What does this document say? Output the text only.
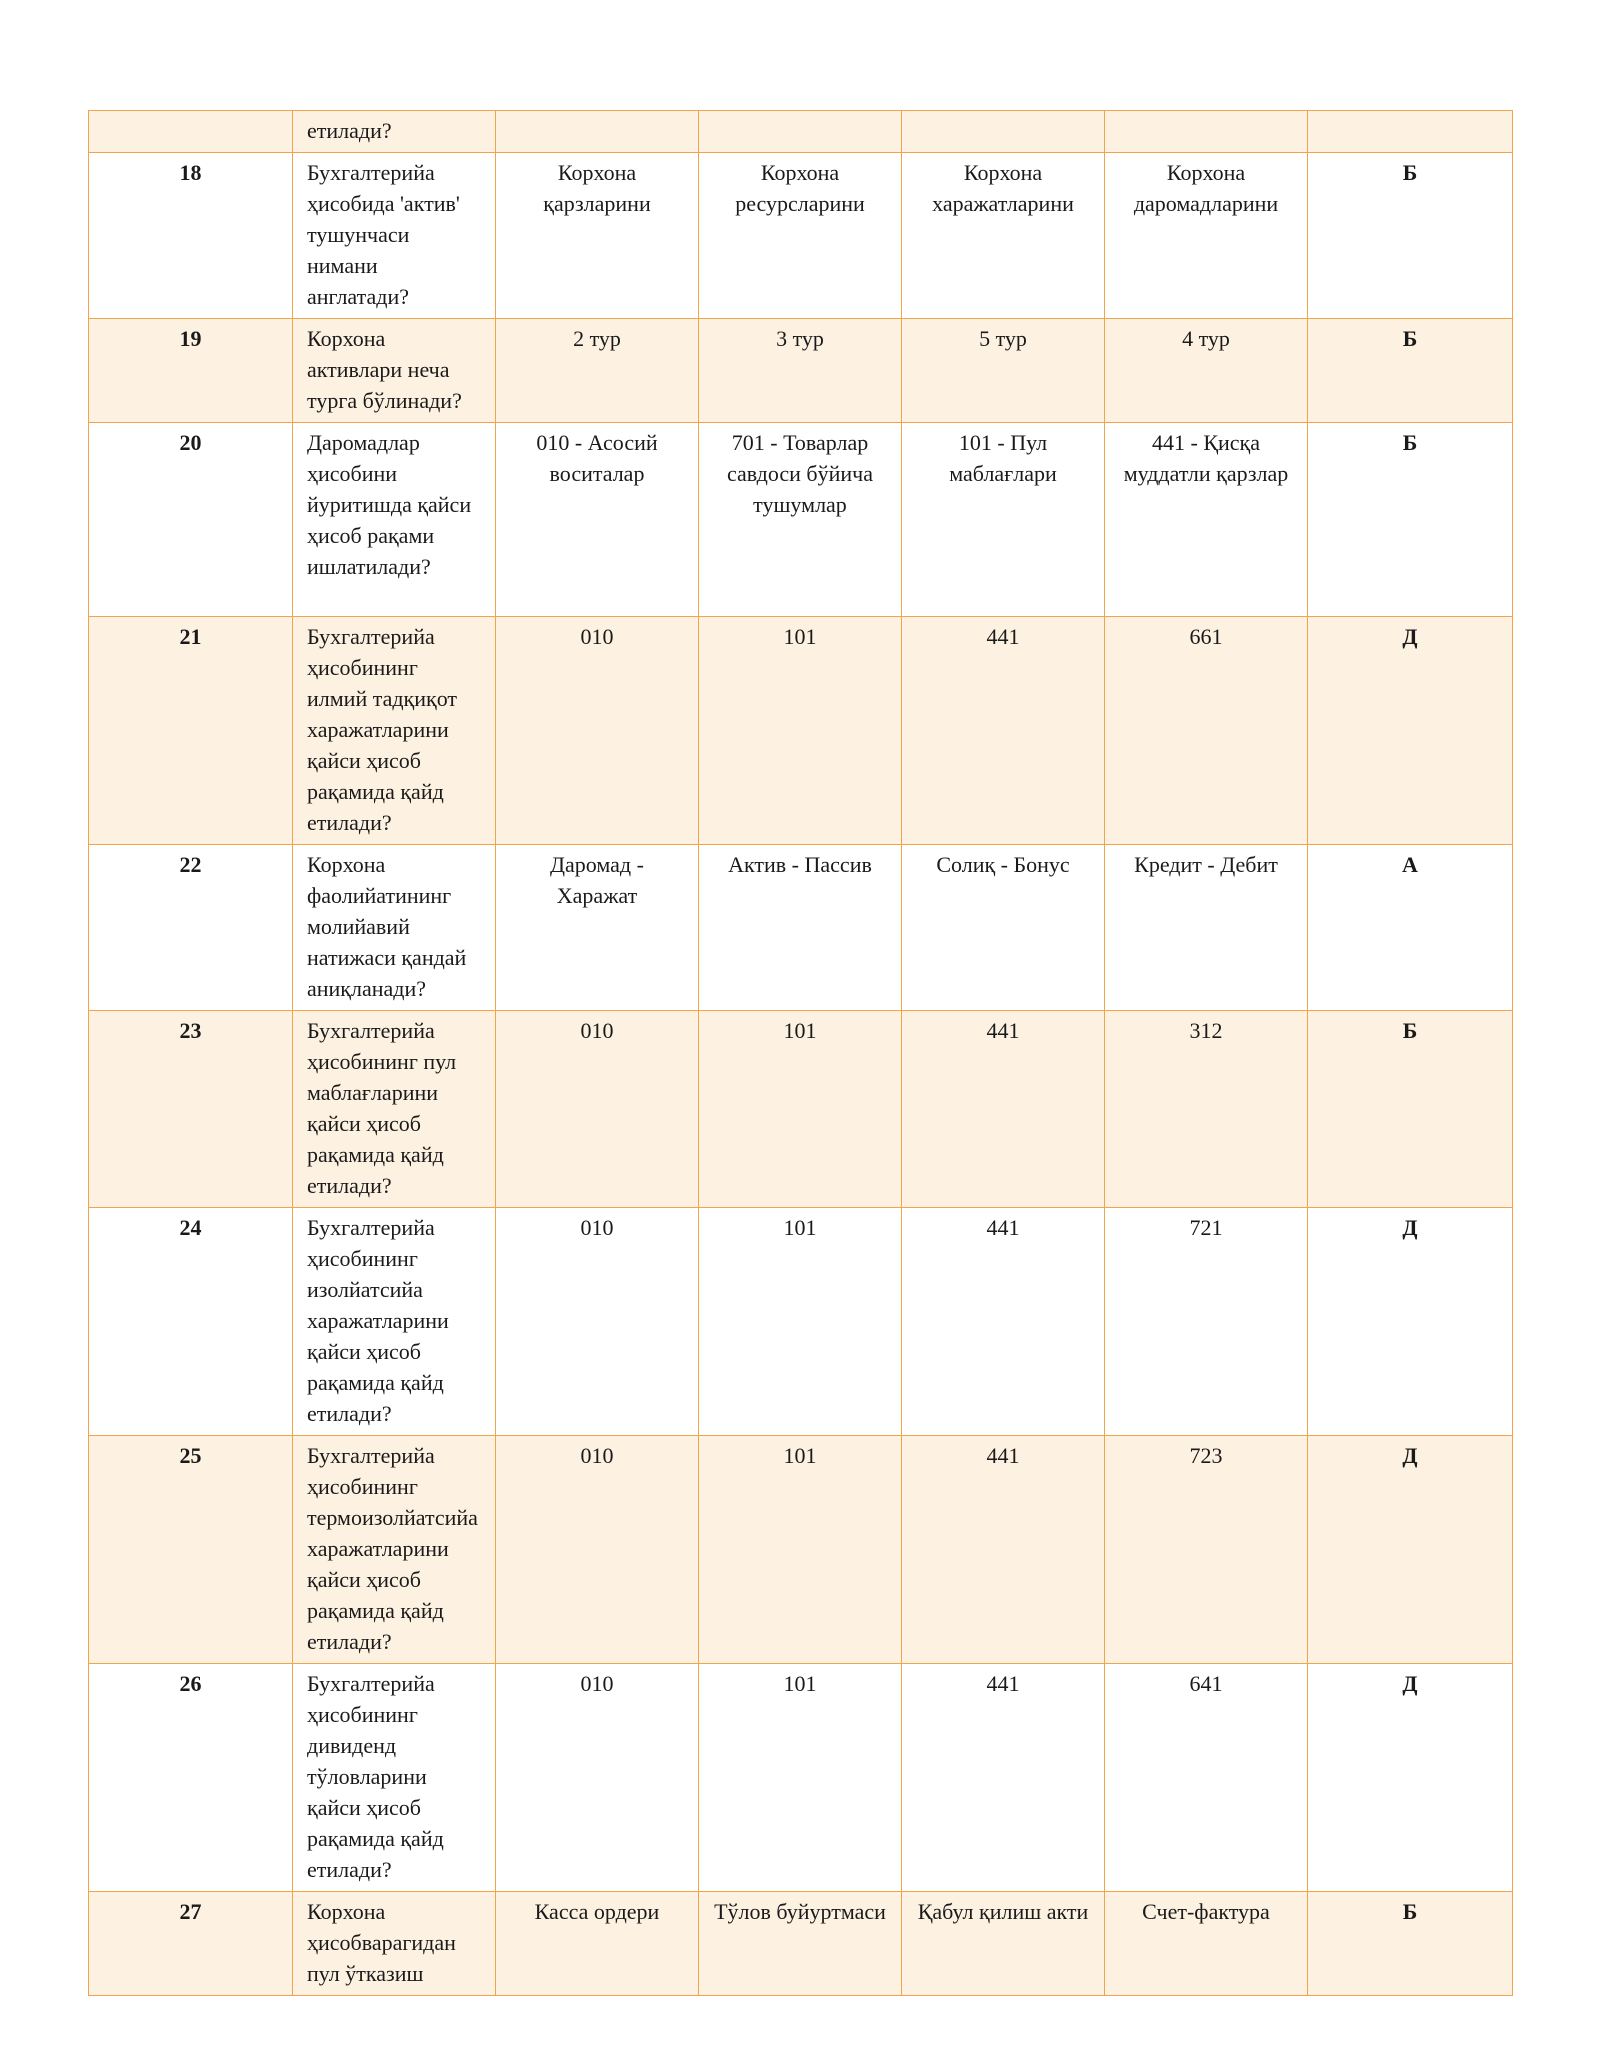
	етилади?					
18	Бухгалтерийа ҳисобида 'актив' тушунчаси нимани англатади?	Корхона қарзларини	Корхона ресурсларини	Корхона харажатларини	Корхона даромадларини	Б
19	Корхона активлари неча турга бўлинади?	2 тур	3 тур	5 тур	4 тур	Б
20	Даромадлар ҳисобини йуритишда қайси ҳисоб рақами ишлатилади?	010 - Асосий воситалар	701 - Товарлар савдоси бўйича тушумлар	101 - Пул маблағлари	441 - Қисқа муддатли қарзлар	Б
21	Бухгалтерийа ҳисобининг илмий тадқиқот харажатларини қайси ҳисоб рақамида қайд етилади?	010	101	441	661	Д
22	Корхона фаолийатининг молийавий натижаси қандай аниқланади?	Даромад - Харажат	Актив - Пассив	Солиқ - Бонус	Кредит - Дебит	А
23	Бухгалтерийа ҳисобининг пул маблағларини қайси ҳисоб рақамида қайд етилади?	010	101	441	312	Б
24	Бухгалтерийа ҳисобининг изолйатсийа харажатларини қайси ҳисоб рақамида қайд етилади?	010	101	441	721	Д
25	Бухгалтерийа ҳисобининг термоизолйатсийа харажатларини қайси ҳисоб рақамида қайд етилади?	010	101	441	723	Д
26	Бухгалтерийа ҳисобининг дивиденд тўловларини қайси ҳисоб рақамида қайд етилади?	010	101	441	641	Д
27	Корхона ҳисобварагидан пул ўтказиш	Касса ордери	Тўлов буйуртмаси	Қабул қилиш акти	Счет-фактура	Б
